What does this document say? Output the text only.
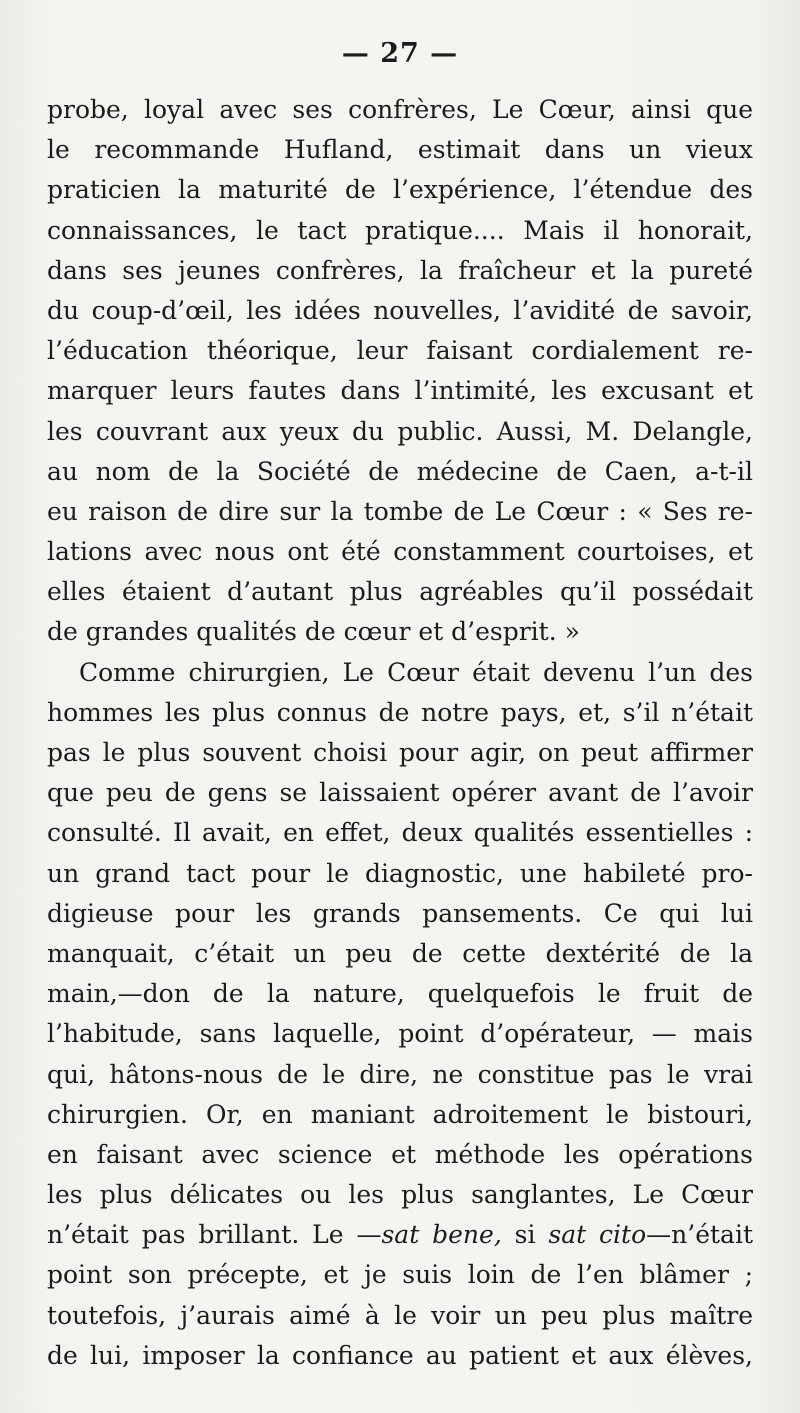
— 27 —

probe, loyal avec ses confrères, Le Cœur, ainsi que
le recommande Hufland, estimait dans un vieux
praticien la maturité de l’expérience, l’étendue des
connaissances, le tact pratique.... Mais il honorait,
dans ses jeunes confrères, la fraîcheur et la pureté
du coup-d’œil, les idées nouvelles, l’avidité de savoir,
l’éducation théorique, leur faisant cordialement re-
marquer leurs fautes dans l’intimité, les excusant et
les couvrant aux yeux du public. Aussi, M. Delangle,
au nom de la Société de médecine de Caen, a-t-il
eu raison de dire sur la tombe de Le Cœur : « Ses re-
lations avec nous ont été constamment courtoises, et
elles étaient d’autant plus agréables qu’il possédait
de grandes qualités de cœur et d’esprit. »
Comme chirurgien, Le Cœur était devenu l’un des
hommes les plus connus de notre pays, et, s’il n’était
pas le plus souvent choisi pour agir, on peut affirmer
que peu de gens se laissaient opérer avant de l’avoir
consulté. Il avait, en effet, deux qualités essentielles :
un grand tact pour le diagnostic, une habileté pro-
digieuse pour les grands pansements. Ce qui lui
manquait, c’était un peu de cette dextérité de la
main,—don de la nature, quelquefois le fruit de
l’habitude, sans laquelle, point d’opérateur, — mais
qui, hâtons-nous de le dire, ne constitue pas le vrai
chirurgien. Or, en maniant adroitement le bistouri,
en faisant avec science et méthode les opérations
les plus délicates ou les plus sanglantes, Le Cœur
n’était pas brillant. Le —sat bene, si sat cito—n’était
point son précepte, et je suis loin de l’en blâmer ;
toutefois, j’aurais aimé à le voir un peu plus maître
de lui, imposer la confiance au patient et aux élèves,
